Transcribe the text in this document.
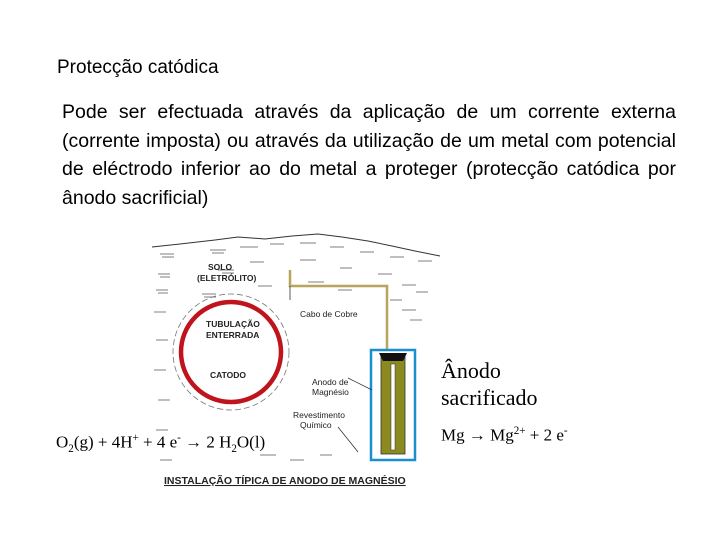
Protecção catódica
Pode ser efectuada através da aplicação de um corrente externa (corrente imposta) ou através da utilização de um metal com potencial de eléctrodo inferior ao do metal a proteger (protecção catódica por ânodo sacrificial)
SOLO
(ELETRÓLITO)
TUBULAÇÃO
ENTERRADA
CATODO
Cabo de Cobre
Anodo de
Magnésio
Revestimento
Químico
INSTALAÇÃO TÍPICA DE ANODO DE MAGNÉSIO
Ânodo
sacrificado
$O_2(g) + 4H^+ + 4$ e- → 2 $H_2O(l)$	$Mg \to Mg^{2+} + 2$ e-
